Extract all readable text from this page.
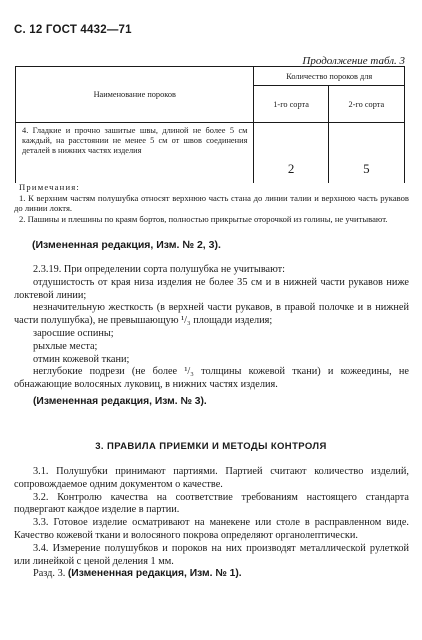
С. 12 ГОСТ 4432—71
Продолжение табл. 3
Наименование пороков	Количество пороков для	
	1-го сорта	2-го сорта
4. Гладкие и прочно зашитые швы, длиной не более 5 см каждый, на расстоянии не менее 5 см от швов соединения деталей в нижних частях изделия	2	5

Примечания:

1. К верхним частям полушубка относят верхнюю часть стана до линии талии и верхнюю часть рукавов до линии локтя.

2. Пашины и плешины по краям бортов, полностью прикрытые оторочкой из голины, не учитывают.

(Измененная редакция, Изм. № 2, 3).

2.3.19. При определении сорта полушубка не учитывают:

отдушистость от края низа изделия не более 35 см и в нижней части рукавов ниже локтевой линии;

незначительную жесткость (в верхней части рукавов, в правой полочке и в нижней части полушубка), не превышающую ¹/₃ площади изделия;

заросшие оспины;

рыхлые места;

отмин кожевой ткани;

неглубокие подрези (не более ¹/₃ толщины кожевой ткани) и кожеедины, не обнажающие волосяных луковиц, в нижних частях изделия.

(Измененная редакция, Изм. № 3).

3. ПРАВИЛА ПРИЕМКИ И МЕТОДЫ КОНТРОЛЯ

3.1. Полушубки принимают партиями. Партией считают количество изделий, сопровождаемое одним документом о качестве.

3.2. Контролю качества на соответствие требованиям настоящего стандарта подвергают каждое изделие в партии.

3.3. Готовое изделие осматривают на манекене или столе в расправленном виде. Качество кожевой ткани и волосяного покрова определяют органолептически.

3.4. Измерение полушубков и пороков на них производят металлической рулеткой или линейкой с ценой деления 1 мм.

Разд. 3. (Измененная редакция, Изм. № 1).
